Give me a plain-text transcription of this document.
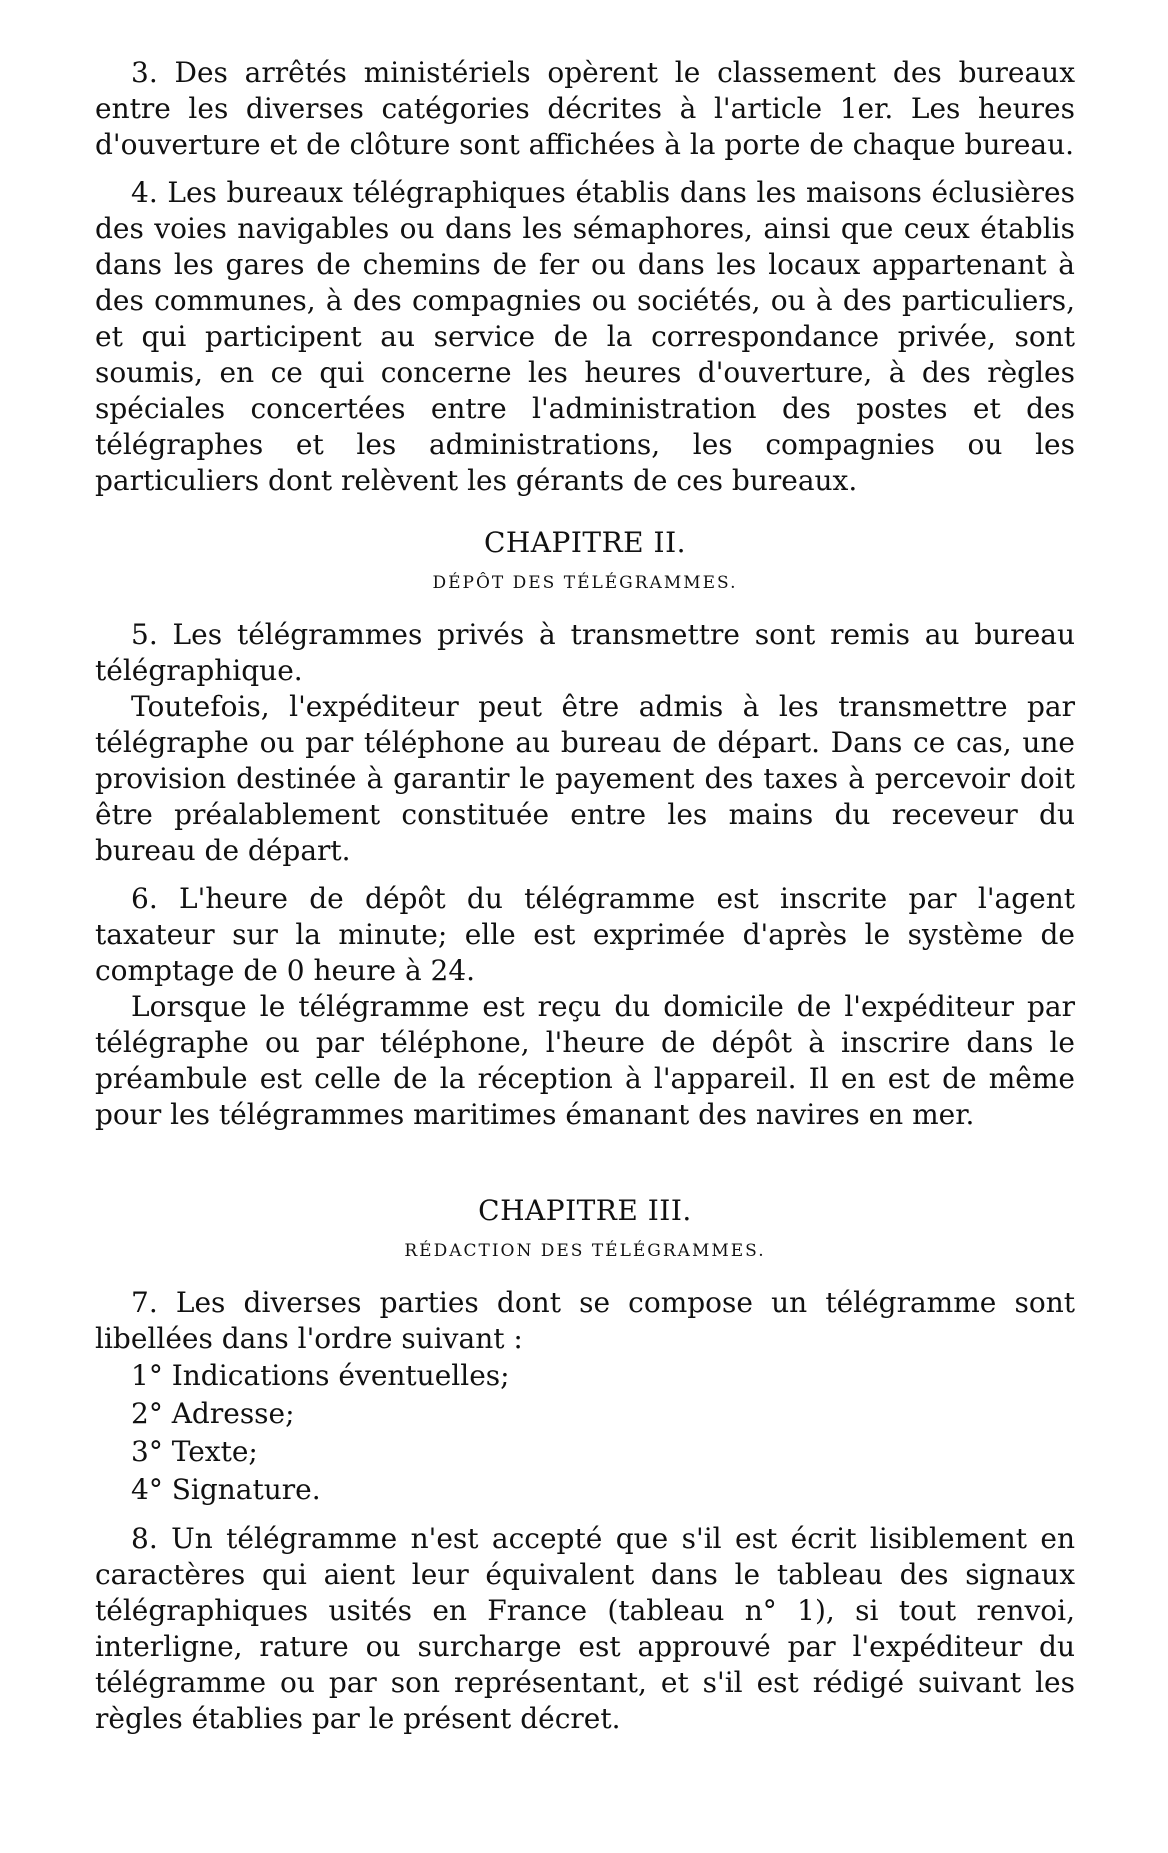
3. Des arrêtés ministériels opèrent le classement des bureaux entre les diverses catégories décrites à l'article 1er. Les heures d'ouverture et de clôture sont affichées à la porte de chaque bureau.

4. Les bureaux télégraphiques établis dans les maisons éclusières des voies navigables ou dans les sémaphores, ainsi que ceux établis dans les gares de chemins de fer ou dans les locaux appartenant à des communes, à des compagnies ou sociétés, ou à des particuliers, et qui participent au service de la correspondance privée, sont soumis, en ce qui concerne les heures d'ouverture, à des règles spéciales concertées entre l'administration des postes et des télégraphes et les administrations, les compagnies ou les particuliers dont relèvent les gérants de ces bureaux.

CHAPITRE II.
DÉPÔT DES TÉLÉGRAMMES.

5. Les télégrammes privés à transmettre sont remis au bureau télégraphique.

Toutefois, l'expéditeur peut être admis à les transmettre par télégraphe ou par téléphone au bureau de départ. Dans ce cas, une provision destinée à garantir le payement des taxes à percevoir doit être préalablement constituée entre les mains du receveur du bureau de départ.

6. L'heure de dépôt du télégramme est inscrite par l'agent taxateur sur la minute; elle est exprimée d'après le système de comptage de 0 heure à 24.

Lorsque le télégramme est reçu du domicile de l'expéditeur par télégraphe ou par téléphone, l'heure de dépôt à inscrire dans le préambule est celle de la réception à l'appareil. Il en est de même pour les télégrammes maritimes émanant des navires en mer.

CHAPITRE III.
RÉDACTION DES TÉLÉGRAMMES.

7. Les diverses parties dont se compose un télégramme sont libellées dans l'ordre suivant :

1° Indications éventuelles;
2° Adresse;
3° Texte;
4° Signature.

8. Un télégramme n'est accepté que s'il est écrit lisiblement en caractères qui aient leur équivalent dans le tableau des signaux télégraphiques usités en France (tableau n° 1), si tout renvoi, interligne, rature ou surcharge est approuvé par l'expéditeur du télégramme ou par son représentant, et s'il est rédigé suivant les règles établies par le présent décret.
